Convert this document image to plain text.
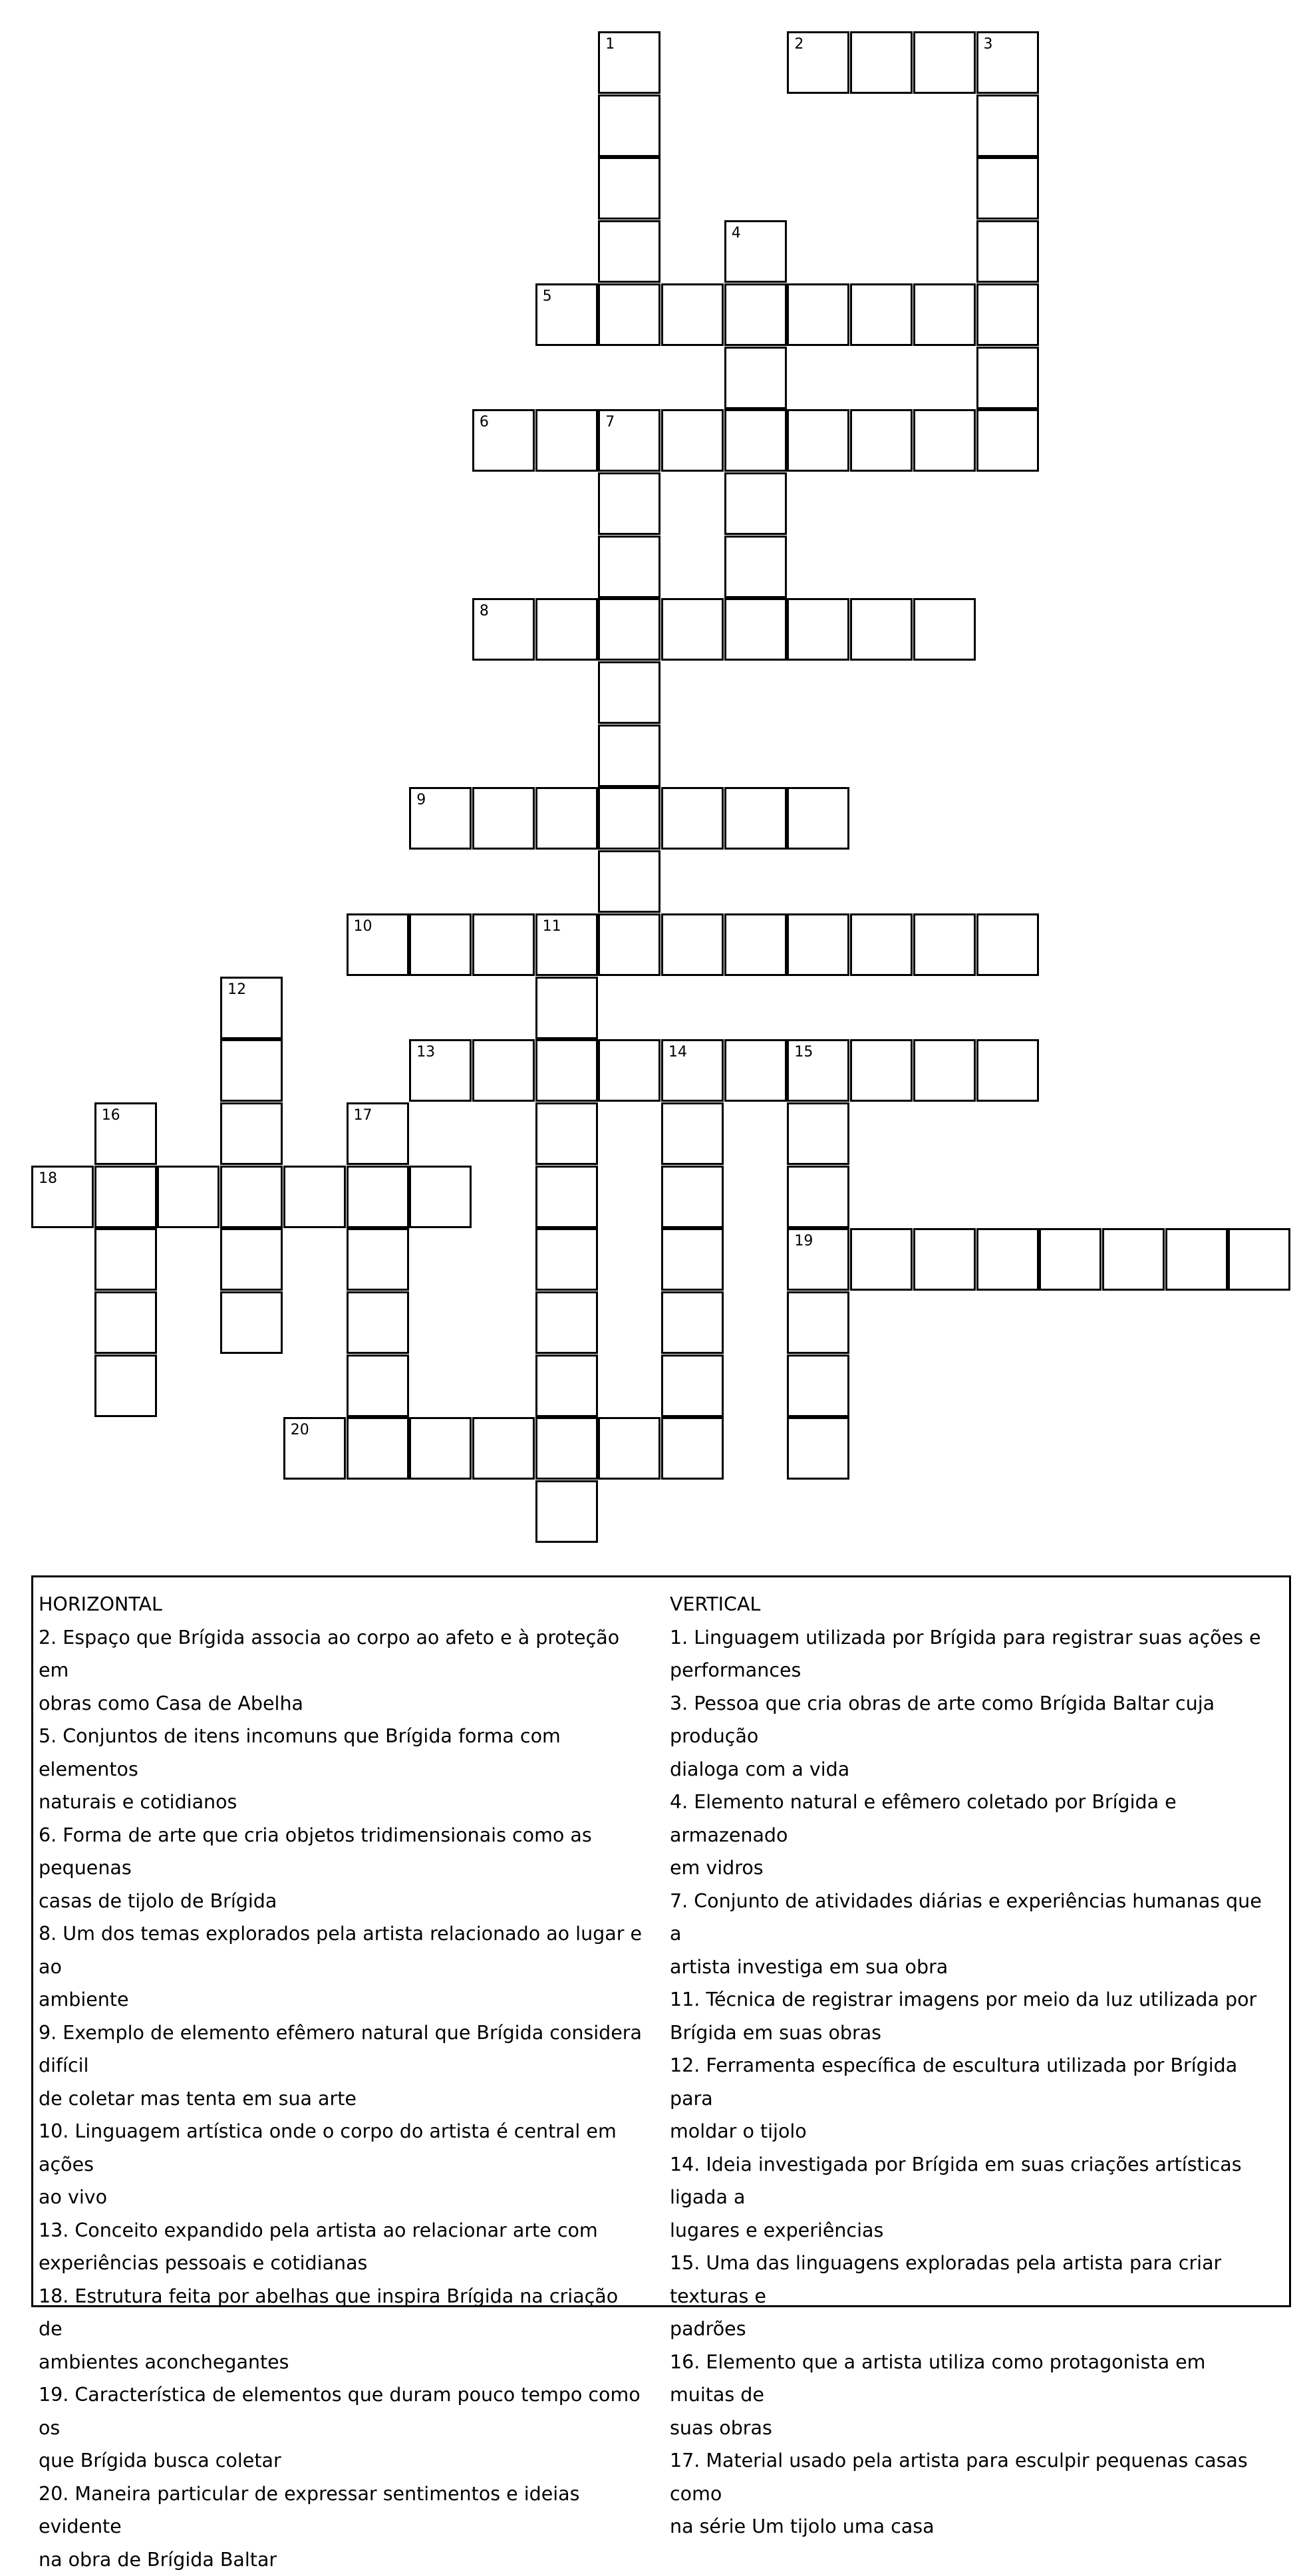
1	2	3
4
5
6	7
8
9
10	11
12
13	14	15
16	17
18
19
20
HORIZONTAL
2. Espaço que Brígida associa ao corpo ao afeto e à proteção em
obras como Casa de Abelha
5. Conjuntos de itens incomuns que Brígida forma com elementos
naturais e cotidianos
6. Forma de arte que cria objetos tridimensionais como as pequenas
casas de tijolo de Brígida
8. Um dos temas explorados pela artista relacionado ao lugar e ao
ambiente
9. Exemplo de elemento efêmero natural que Brígida considera difícil
de coletar mas tenta em sua arte
10. Linguagem artística onde o corpo do artista é central em ações
ao vivo
13. Conceito expandido pela artista ao relacionar arte com
experiências pessoais e cotidianas
18. Estrutura feita por abelhas que inspira Brígida na criação de
ambientes aconchegantes
19. Característica de elementos que duram pouco tempo como os
que Brígida busca coletar
20. Maneira particular de expressar sentimentos e ideias evidente
na obra de Brígida Baltar
VERTICAL
1. Linguagem utilizada por Brígida para registrar suas ações e
performances
3. Pessoa que cria obras de arte como Brígida Baltar cuja produção
dialoga com a vida
4. Elemento natural e efêmero coletado por Brígida e armazenado
em vidros
7. Conjunto de atividades diárias e experiências humanas que a
artista investiga em sua obra
11. Técnica de registrar imagens por meio da luz utilizada por
Brígida em suas obras
12. Ferramenta específica de escultura utilizada por Brígida para
moldar o tijolo
14. Ideia investigada por Brígida em suas criações artísticas ligada a
lugares e experiências
15. Uma das linguagens exploradas pela artista para criar texturas e
padrões
16. Elemento que a artista utiliza como protagonista em muitas de
suas obras
17. Material usado pela artista para esculpir pequenas casas como
na série Um tijolo uma casa
